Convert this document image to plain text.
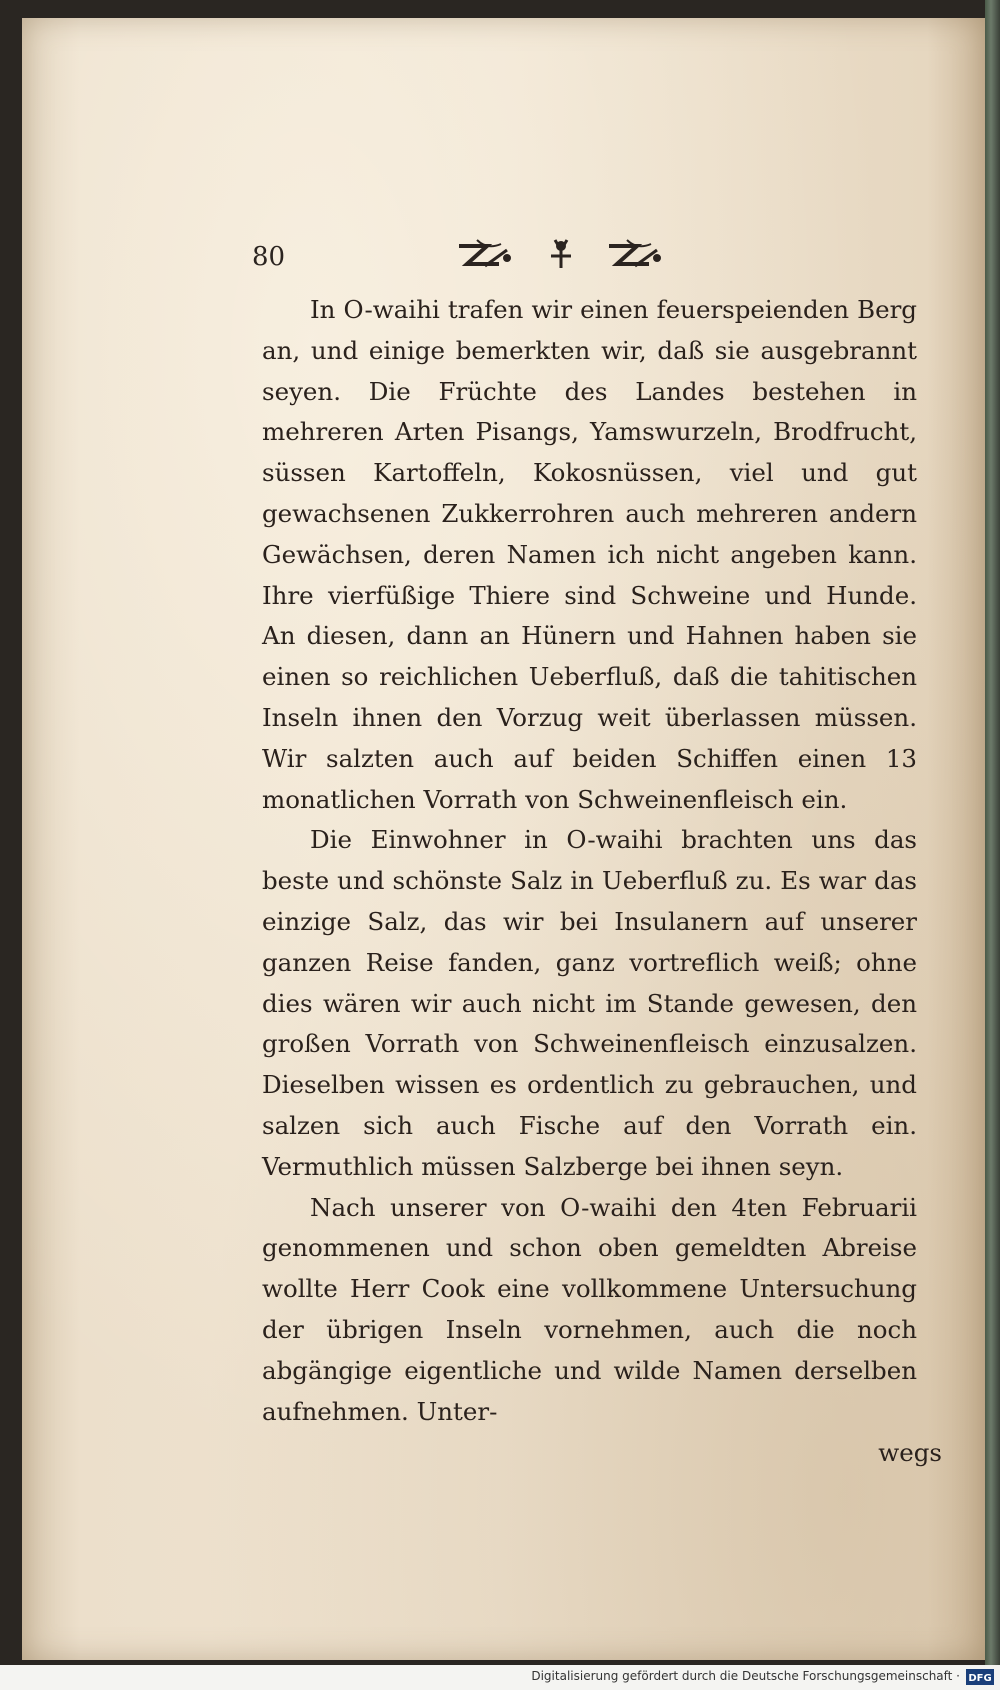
80

In O-waihi trafen wir einen feuerspeienden Berg an, und einige bemerkten wir, daß sie ausgebrannt seyen. Die Früchte des Landes bestehen in mehreren Arten Pisangs, Yamswurzeln, Brodfrucht, süssen Kartoffeln, Kokosnüssen, viel und gut gewachsenen Zukkerrohren auch mehreren andern Gewächsen, deren Namen ich nicht angeben kann. Ihre vierfüßige Thiere sind Schweine und Hunde. An diesen, dann an Hünern und Hahnen haben sie einen so reichlichen Ueberfluß, daß die tahitischen Inseln ihnen den Vorzug weit überlassen müssen. Wir salzten auch auf beiden Schiffen einen 13 monatlichen Vorrath von Schweinenfleisch ein.

Die Einwohner in O-waihi brachten uns das beste und schönste Salz in Ueberfluß zu. Es war das einzige Salz, das wir bei Insulanern auf unserer ganzen Reise fanden, ganz vortreflich weiß; ohne dies wären wir auch nicht im Stande gewesen, den großen Vorrath von Schweinenfleisch einzusalzen. Dieselben wissen es ordentlich zu gebrauchen, und salzen sich auch Fische auf den Vorrath ein. Vermuthlich müssen Salzberge bei ihnen seyn.

Nach unserer von O-waihi den 4ten Februarii genommenen und schon oben gemeldten Abreise wollte Herr Cook eine vollkommene Untersuchung der übrigen Inseln vornehmen, auch die noch abgängige eigentliche und wilde Namen derselben aufnehmen. Unter-

wegs
Digitalisierung gefördert durch die Deutsche Forschungsgemeinschaft · DFG
